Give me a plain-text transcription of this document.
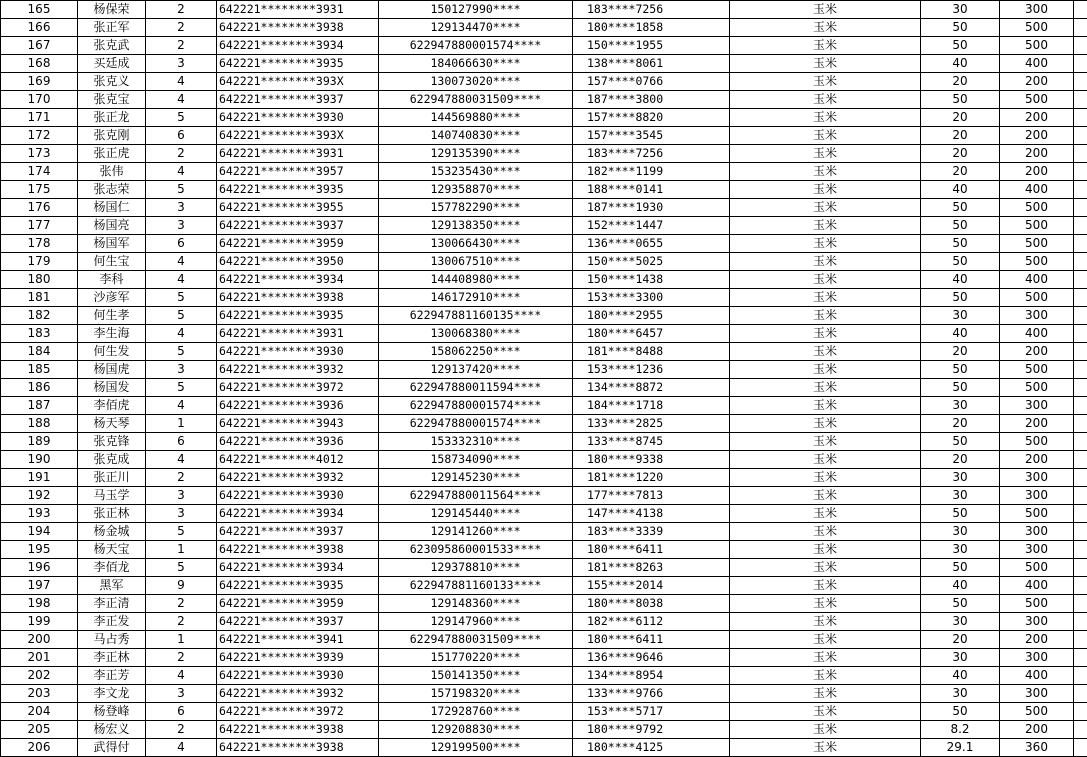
165	杨保荣	2	642221********3931	150127990****	183****7256	玉米	30	300	
166	张正军	2	642221********3938	129134470****	180****1858	玉米	50	500	
167	张克武	2	642221********3934	622947880001574****	150****1955	玉米	50	500	
168	买廷成	3	642221********3935	184066630****	138****8061	玉米	40	400	
169	张克义	4	642221********393X	130073020****	157****0766	玉米	20	200	
170	张克宝	4	642221********3937	622947880031509****	187****3800	玉米	50	500	
171	张正龙	5	642221********3930	144569880****	157****8820	玉米	20	200	
172	张克刚	6	642221********393X	140740830****	157****3545	玉米	20	200	
173	张正虎	2	642221********3931	129135390****	183****7256	玉米	20	200	
174	张伟	4	642221********3957	153235430****	182****1199	玉米	20	200	
175	张志荣	5	642221********3935	129358870****	188****0141	玉米	40	400	
176	杨国仁	3	642221********3955	157782290****	187****1930	玉米	50	500	
177	杨国亮	3	642221********3937	129138350****	152****1447	玉米	50	500	
178	杨国军	6	642221********3959	130066430****	136****0655	玉米	50	500	
179	何生宝	4	642221********3950	130067510****	150****5025	玉米	50	500	
180	李科	4	642221********3934	144408980****	150****1438	玉米	40	400	
181	沙彦军	5	642221********3938	146172910****	153****3300	玉米	50	500	
182	何生孝	5	642221********3935	622947881160135****	180****2955	玉米	30	300	
183	李生海	4	642221********3931	130068380****	180****6457	玉米	40	400	
184	何生发	5	642221********3930	158062250****	181****8488	玉米	20	200	
185	杨国虎	3	642221********3932	129137420****	153****1236	玉米	50	500	
186	杨国发	5	642221********3972	622947880011594****	134****8872	玉米	50	500	
187	李佰虎	4	642221********3936	622947880001574****	184****1718	玉米	30	300	
188	杨天琴	1	642221********3943	622947880001574****	133****2825	玉米	20	200	
189	张克锋	6	642221********3936	153332310****	133****8745	玉米	50	500	
190	张克成	4	642221********4012	158734090****	180****9338	玉米	20	200	
191	张正川	2	642221********3932	129145230****	181****1220	玉米	30	300	
192	马玉学	3	642221********3930	622947880011564****	177****7813	玉米	30	300	
193	张正林	3	642221********3934	129145440****	147****4138	玉米	50	500	
194	杨金城	5	642221********3937	129141260****	183****3339	玉米	30	300	
195	杨天宝	1	642221********3938	623095860001533****	180****6411	玉米	30	300	
196	李佰龙	5	642221********3934	129378810****	181****8263	玉米	50	500	
197	黑军	9	642221********3935	622947881160133****	155****2014	玉米	40	400	
198	李正清	2	642221********3959	129148360****	180****8038	玉米	50	500	
199	李正发	2	642221********3937	129147960****	182****6112	玉米	30	300	
200	马占秀	1	642221********3941	622947880031509****	180****6411	玉米	20	200	
201	李正林	2	642221********3939	151770220****	136****9646	玉米	30	300	
202	李正芳	4	642221********3930	150141350****	134****8954	玉米	40	400	
203	李文龙	3	642221********3932	157198320****	133****9766	玉米	30	300	
204	杨登峰	6	642221********3972	172928760****	153****5717	玉米	50	500	
205	杨宏义	2	642221********3938	129208830****	180****9792	玉米	8.2	200	
206	武得付	4	642221********3938	129199500****	180****4125	玉米	29.1	360	
